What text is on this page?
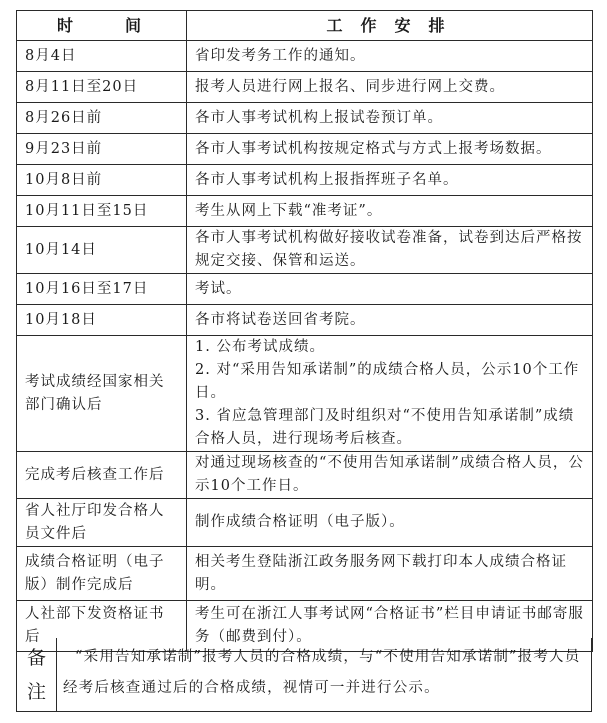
时 间	工作安排
8月4日	省印发考务工作的通知。

8月11日至20日	报考人员进行网上报名、同步进行网上交费。

8月26日前	各市人事考试机构上报试卷预订单。

9月23日前	各市人事考试机构按规定格式与方式上报考场数据。

10月8日前	各市人事考试机构上报指挥班子名单。

10月11日至15日	考生从网上下载“准考证”。

10月14日	各市人事考试机构做好接收试卷准备，试卷到达后严格按规定交接、保管和运送。

10月16日至17日	考试。

10月18日	各市将试卷送回省考院。

考试成绩经国家相关部门确认后	1. 公布考试成绩。
2. 对“采用告知承诺制”的成绩合格人员，公示10个工作日。
3. 省应急管理部门及时组织对“不使用告知承诺制”成绩合格人员，进行现场考后核查。

完成考后核查工作后	对通过现场核查的“不使用告知承诺制”成绩合格人员，公示10个工作日。

省人社厅印发合格人员文件后	制作成绩合格证明（电子版）。

成绩合格证明（电子版）制作完成后	相关考生登陆浙江政务服务网下载打印本人成绩合格证明。

人社部下发资格证书后	考生可在浙江人事考试网“合格证书”栏目申请证书邮寄服务（邮费到付）。
备
注
“采用告知承诺制”报考人员的合格成绩，与“不使用告知承诺制”报考人员经考后核查通过后的合格成绩，视情可一并进行公示。
